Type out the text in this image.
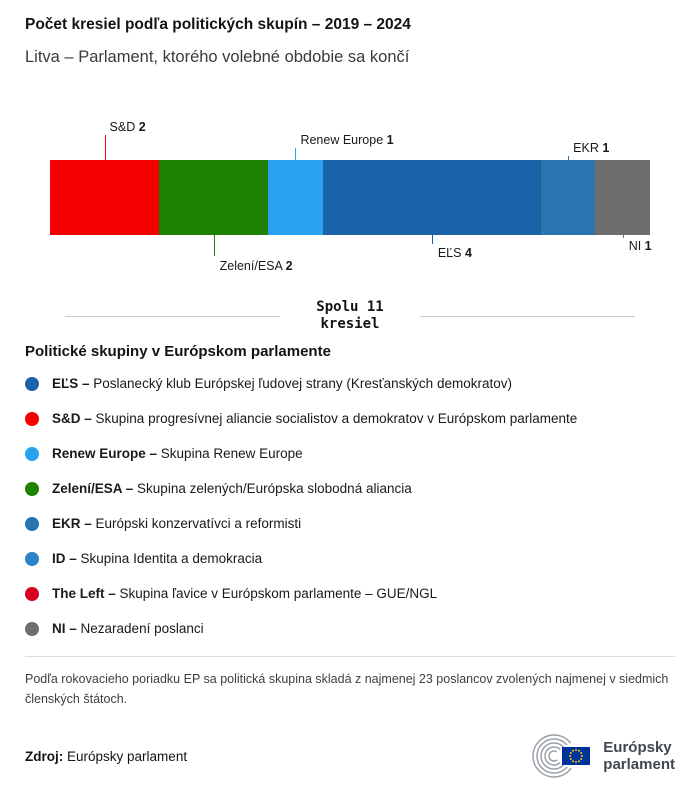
Počet kresiel podľa politických skupín – 2019 – 2024
Litva – Parlament, ktorého volebné obdobie sa končí
S&D 2
Zelení/ESA 2
Renew Europe 1
EĽS 4
EKR 1
NI 1
Spolu 11
kresiel
Politické skupiny v Európskom parlamente
EĽS – Poslanecký klub Európskej ľudovej strany (Kresťanských demokratov)
S&D – Skupina progresívnej aliancie socialistov a demokratov v Európskom parlamente
Renew Europe – Skupina Renew Europe
Zelení/ESA – Skupina zelených/Európska slobodná aliancia
EKR – Európski konzervatívci a reformisti
ID – Skupina Identita a demokracia
The Left – Skupina ľavice v Európskom parlamente – GUE/NGL
NI – Nezaradení poslanci

Podľa rokovacieho poriadku EP sa politická skupina skladá z najmenej 23 poslancov zvolených najmenej v siedmich členských štátoch.

Zdroj: Európsky parlament	Európsky
parlament
